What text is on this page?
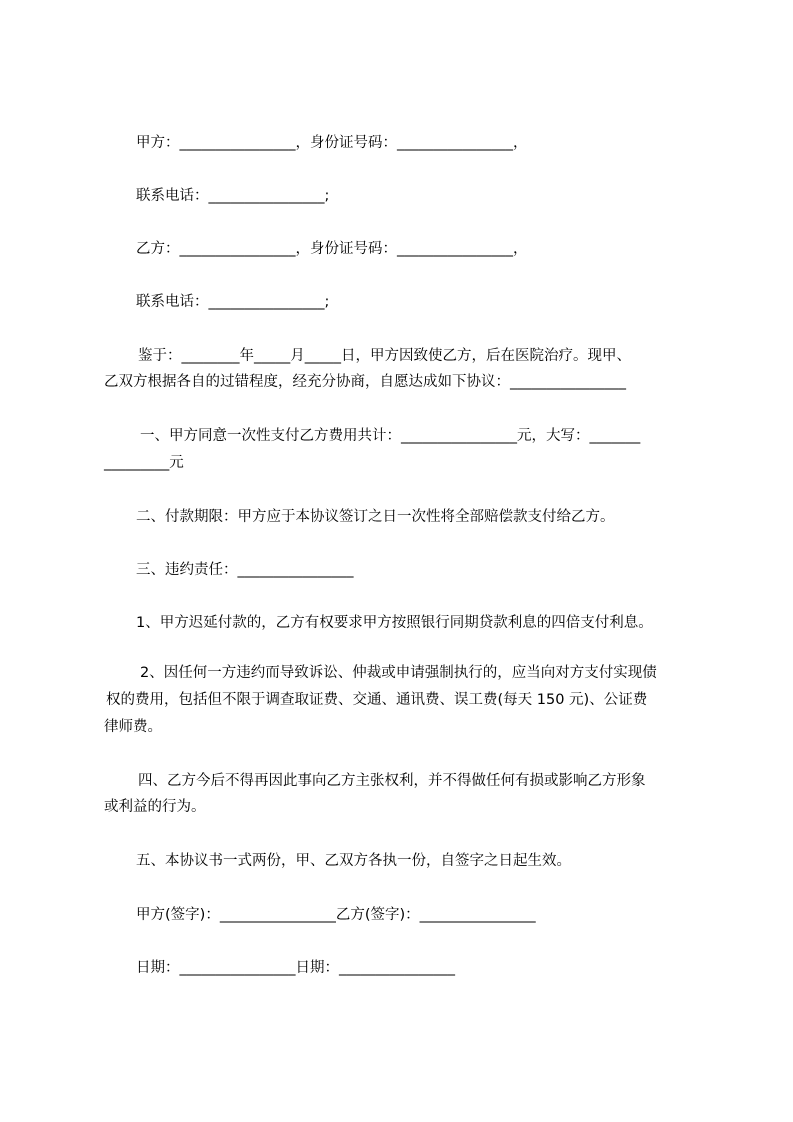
甲方：________________，身份证号码：________________，
联系电话：________________;
乙方：________________，身份证号码：________________，
联系电话：________________;
鉴于：________年_____月_____日，甲方因致使乙方，后在医院治疗。现甲、
乙双方根据各自的过错程度，经充分协商，自愿达成如下协议：________________
一、甲方同意一次性支付乙方费用共计：________________元，大写：_______
_________元
二、付款期限：甲方应于本协议签订之日一次性将全部赔偿款支付给乙方。
三、违约责任：________________
1、甲方迟延付款的，乙方有权要求甲方按照银行同期贷款利息的四倍支付利息。
2、因任何一方违约而导致诉讼、仲裁或申请强制执行的，应当向对方支付实现债
权的费用，包括但不限于调查取证费、交通、通讯费、误工费(每天 150 元)、公证费
律师费。
四、乙方今后不得再因此事向乙方主张权利，并不得做任何有损或影响乙方形象
或利益的行为。
五、本协议书一式两份，甲、乙双方各执一份，自签字之日起生效。
甲方(签字)：________________乙方(签字)：________________
日期：________________日期：________________
